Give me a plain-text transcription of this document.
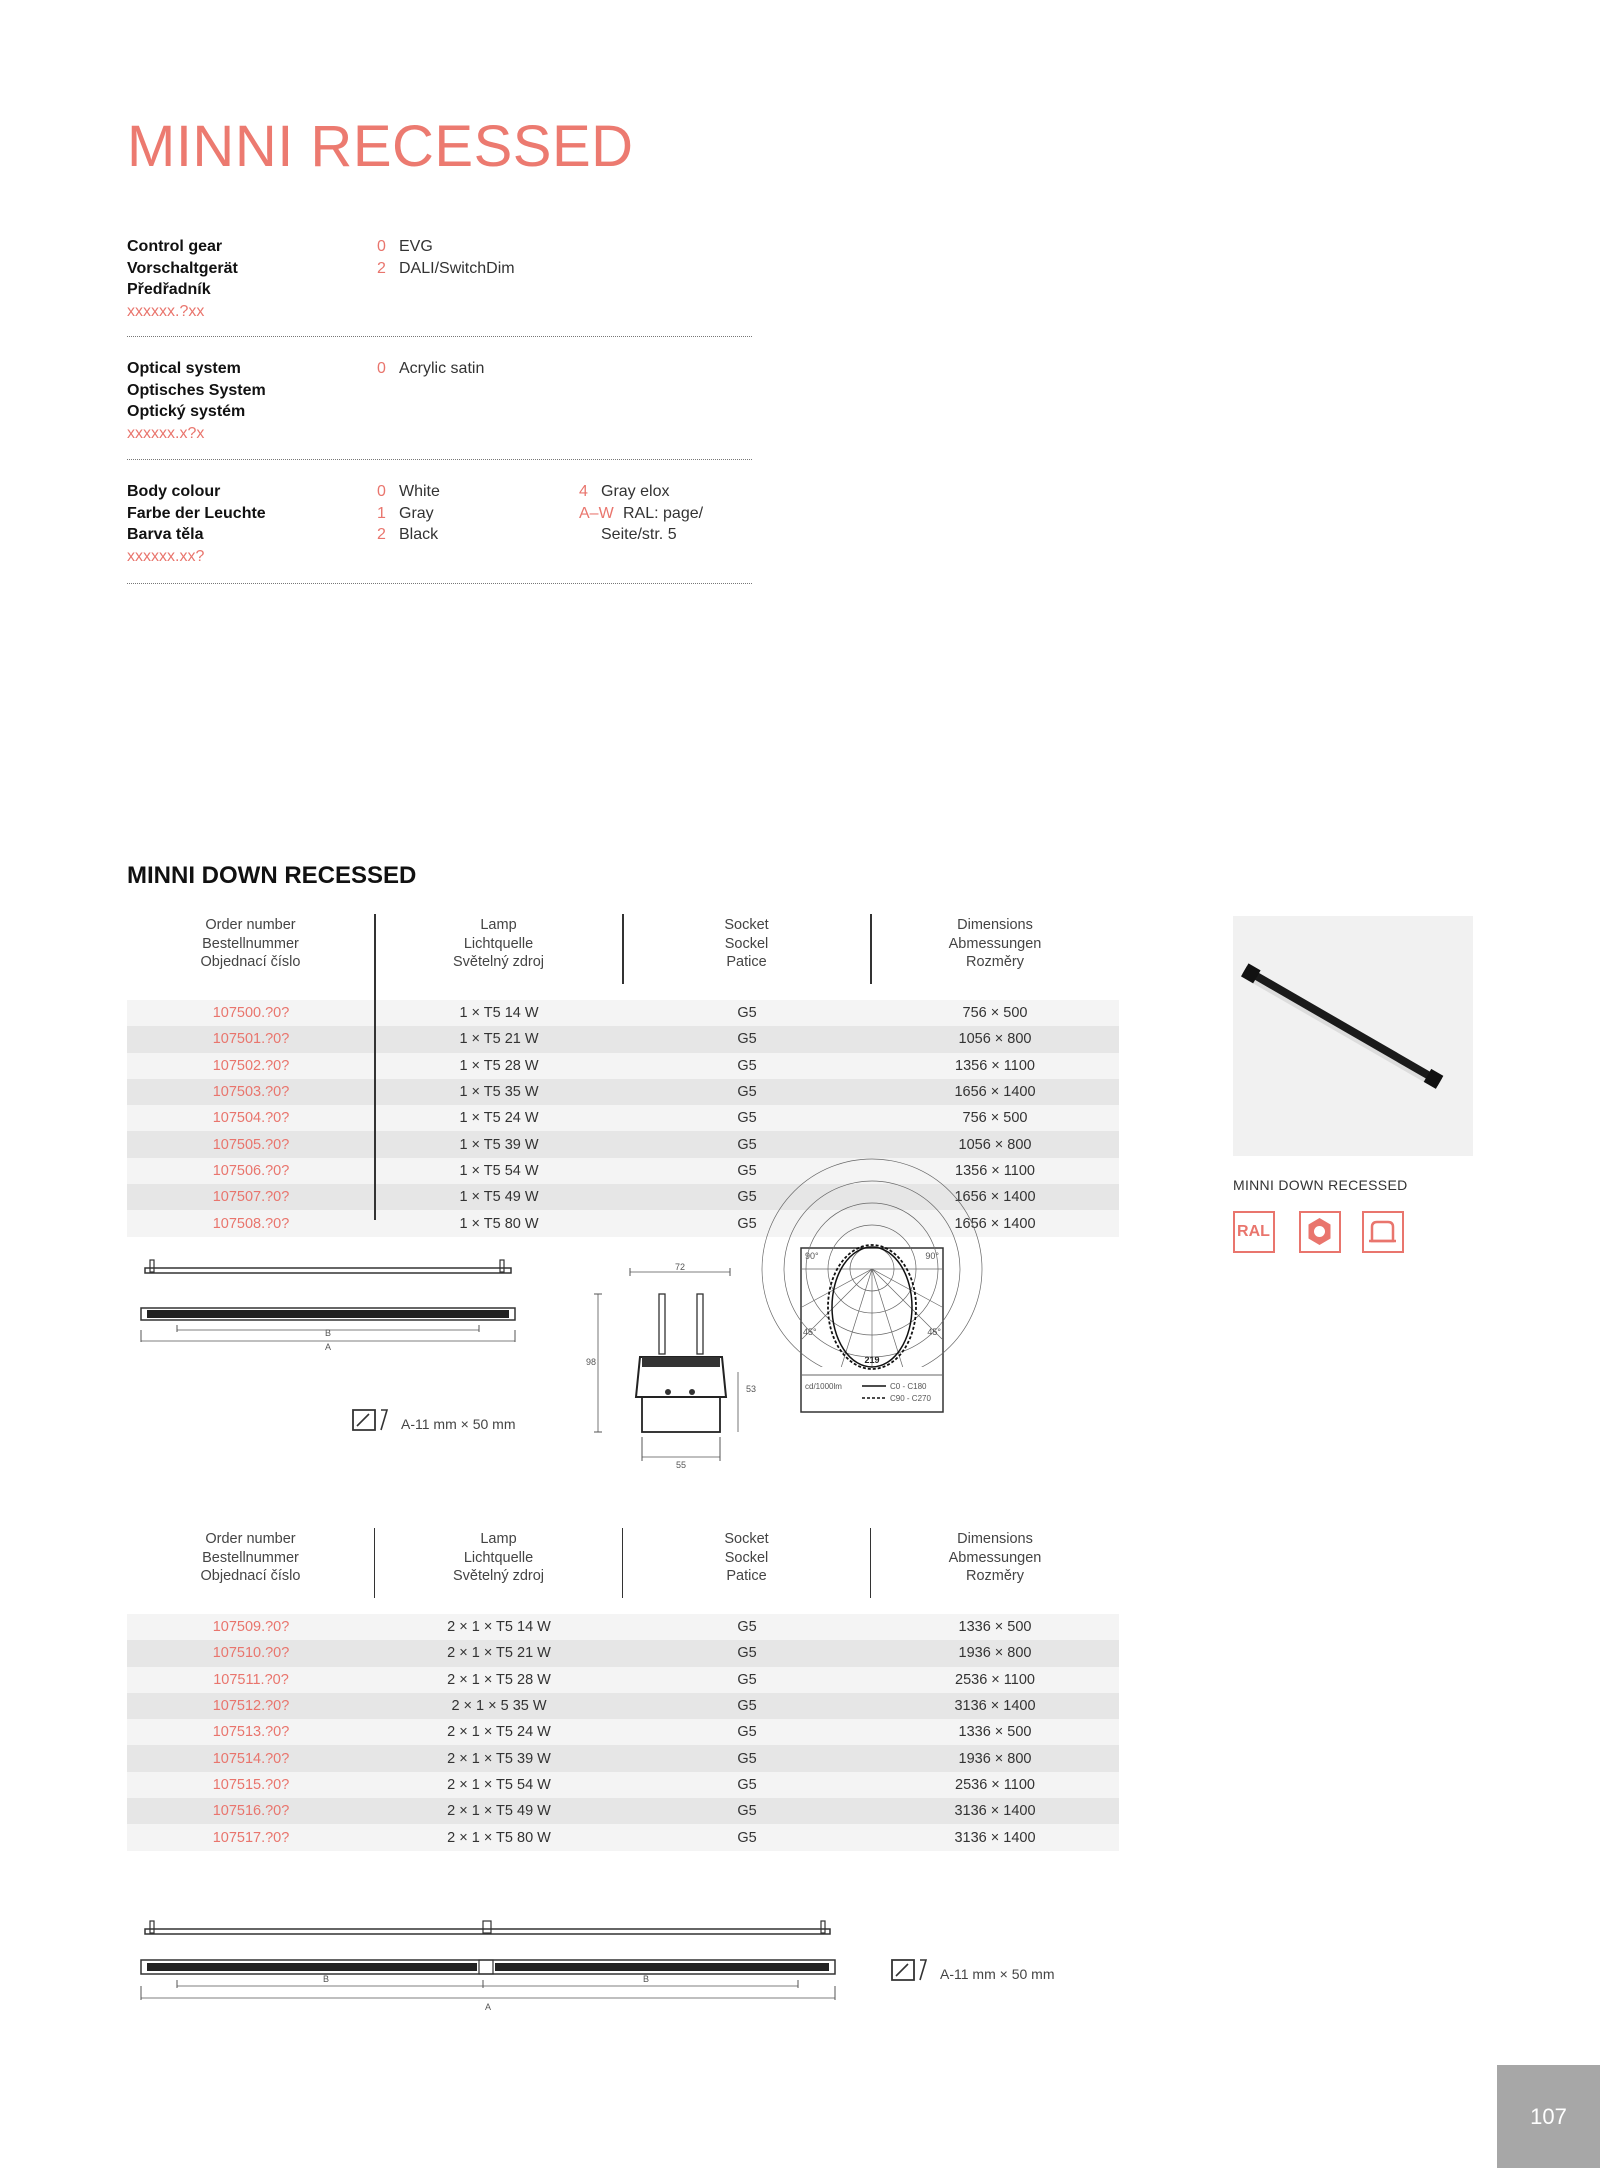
MINNI RECESSED
Control gear
Vorschaltgerät
Předřadník
xxxxxx.?xx
0 EVG
2 DALI/SwitchDim
Optical system
Optisches System
Optický systém
xxxxxx.x?x
0 Acrylic satin
Body colour
Farbe der Leuchte
Barva těla
xxxxxx.xx?
0 White
1 Gray
2 Black
4 Gray elox
A–W RAL: page/
Seite/str. 5
MINNI DOWN RECESSED
Order number
Bestellnummer
Objednací číslo
Lamp
Lichtquelle
Světelný zdroj
Socket
Sockel
Patice
Dimensions
Abmessungen
Rozměry
107500.?0?	1 × T5 14 W	G5	756 × 500
107501.?0?	1 × T5 21 W	G5	1056 × 800
107502.?0?	1 × T5 28 W	G5	1356 × 1100
107503.?0?	1 × T5 35 W	G5	1656 × 1400
107504.?0?	1 × T5 24 W	G5	756 × 500
107505.?0?	1 × T5 39 W	G5	1056 × 800
107506.?0?	1 × T5 54 W	G5	1356 × 1100
107507.?0?	1 × T5 49 W	G5	1656 × 1400
107508.?0?	1 × T5 80 W	G5	1656 × 1400
MINNI DOWN RECESSED
RAL
B
A
A-11 mm × 50 mm
72
98
53
55
90°	90°
45°	45°
219
cd/1000lm	C0 - C180
C90 - C270
Order number
Bestellnummer
Objednací číslo
Lamp
Lichtquelle
Světelný zdroj
Socket
Sockel
Patice
Dimensions
Abmessungen
Rozměry
107509.?0?	2 × 1 × T5 14 W	G5	1336 × 500
107510.?0?	2 × 1 × T5 21 W	G5	1936 × 800
107511.?0?	2 × 1 × T5 28 W	G5	2536 × 1100
107512.?0?	2 × 1 × 5 35 W	G5	3136 × 1400
107513.?0?	2 × 1 × T5 24 W	G5	1336 × 500
107514.?0?	2 × 1 × T5 39 W	G5	1936 × 800
107515.?0?	2 × 1 × T5 54 W	G5	2536 × 1100
107516.?0?	2 × 1 × T5 49 W	G5	3136 × 1400
107517.?0?	2 × 1 × T5 80 W	G5	3136 × 1400
B	B
A
A-11 mm × 50 mm
107
